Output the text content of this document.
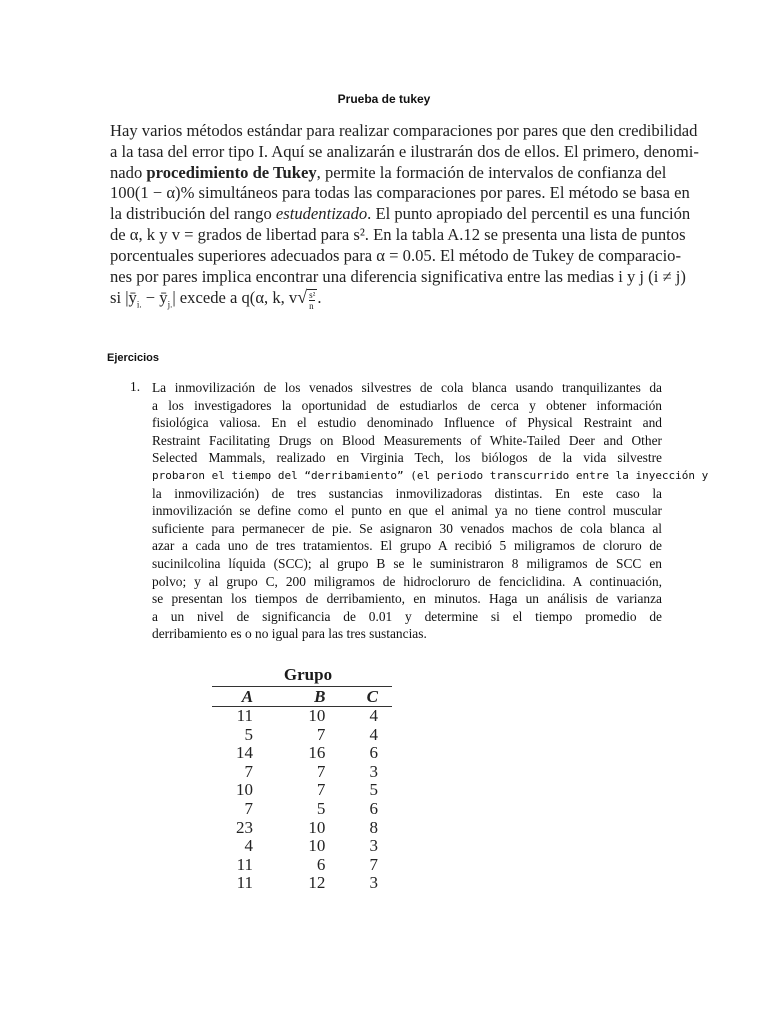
Prueba de tukey
Hay varios métodos estándar para realizar comparaciones por pares que den credibilidad
a la tasa del error tipo I. Aquí se analizarán e ilustrarán dos de ellos. El primero, denomi-
nado procedimiento de Tukey, permite la formación de intervalos de confianza del
100(1 − α)% simultáneos para todas las comparaciones por pares. El método se basa en
la distribución del rango estudentizado. El punto apropiado del percentil es una función
de α, k y v = grados de libertad para s². En la tabla A.12 se presenta una lista de puntos
porcentuales superiores adecuados para α = 0.05. El método de Tukey de comparacio-
nes por pares implica encontrar una diferencia significativa entre las medias i y j (i ≠ j)
si $|ȳ_{i.}$ − $ȳ_{j.}|$ excede a q(α, k, $v√ \frac{\text{s²}}{n}$ .
Ejercicios
1. La inmovilización de los venados silvestres de cola blanca usando tranquilizantes da
a los investigadores la oportunidad de estudiarlos de cerca y obtener información
fisiológica valiosa. En el estudio denominado Influence of Physical Restraint and
Restraint Facilitating Drugs on Blood Measurements of White-Tailed Deer and Other
Selected Mammals, realizado en Virginia Tech, los biólogos de la vida silvestre
probaron el tiempo del “derribamiento” (el periodo transcurrido entre la inyección y
la inmovilización) de tres sustancias inmovilizadoras distintas. En este caso la
inmovilización se define como el punto en que el animal ya no tiene control muscular
suficiente para permanecer de pie. Se asignaron 30 venados machos de cola blanca al
azar a cada uno de tres tratamientos. El grupo A recibió 5 miligramos de cloruro de
sucinilcolina líquida (SCC); al grupo B se le suministraron 8 miligramos de SCC en
polvo; y al grupo C, 200 miligramos de hidrocloruro de fenciclidina. A continuación,
se presentan los tiempos de derribamiento, en minutos. Haga un análisis de varianza
a un nivel de significancia de 0.01 y determine si el tiempo promedio de
derribamiento es o no igual para las tres sustancias.
Grupo
A	B	C
11	10	4
5	7	4
14	16	6
7	7	3
10	7	5
7	5	6
23	10	8
4	10	3
11	6	7
11	12	3
